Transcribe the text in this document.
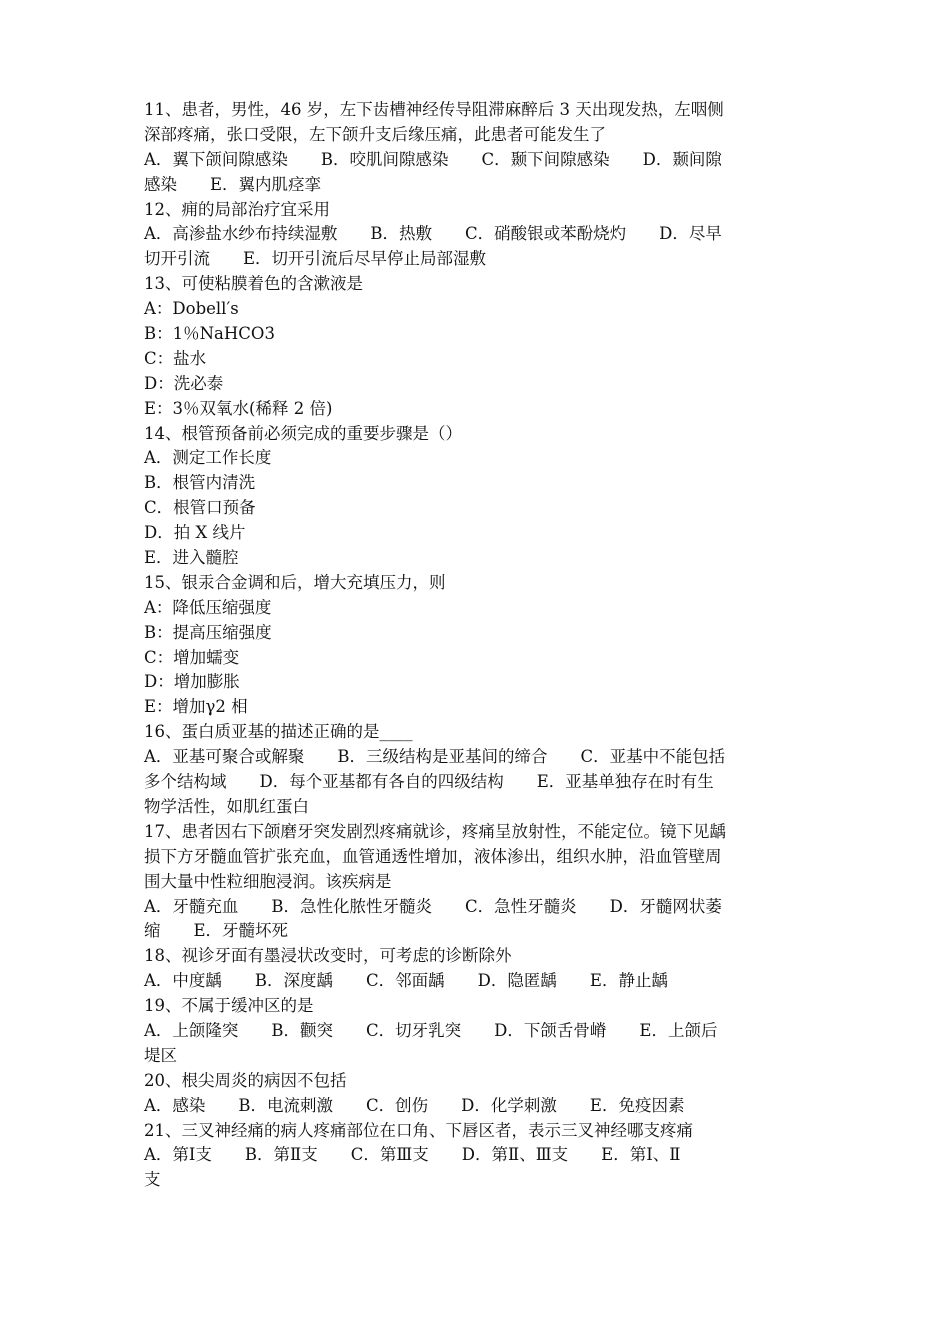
11、患者，男性，46 岁，左下齿槽神经传导阻滞麻醉后 3 天出现发热，左咽侧
深部疼痛，张口受限，左下颌升支后缘压痛，此患者可能发生了
A．翼下颌间隙感染　　B．咬肌间隙感染　　C．颞下间隙感染　　D．颞间隙
感染　　E．翼内肌痉挛
12、痈的局部治疗宜采用
A．高渗盐水纱布持续湿敷　　B．热敷　　C．硝酸银或苯酚烧灼　　D．尽早
切开引流　　E．切开引流后尽早停止局部湿敷
13、可使粘膜着色的含漱液是
A：Dobell′s
B：1％NaHCO3
C：盐水
D：洗必泰
E：3％双氧水(稀释 2 倍)
14、根管预备前必须完成的重要步骤是（）
A．测定工作长度
B．根管内清洗
C．根管口预备
D．拍 X 线片
E．进入髓腔
15、银汞合金调和后，增大充填压力，则
A：降低压缩强度
B：提高压缩强度
C：增加蠕变
D：增加膨胀
E：增加γ2 相
16、蛋白质亚基的描述正确的是____
A．亚基可聚合或解聚　　B．三级结构是亚基间的缔合　　C．亚基中不能包括
多个结构域　　D．每个亚基都有各自的四级结构　　E．亚基单独存在时有生
物学活性，如肌红蛋白
17、患者因右下颌磨牙突发剧烈疼痛就诊，疼痛呈放射性，不能定位。镜下见龋
损下方牙髓血管扩张充血，血管通透性增加，液体渗出，组织水肿，沿血管壁周
围大量中性粒细胞浸润。该疾病是
A．牙髓充血　　B．急性化脓性牙髓炎　　C．急性牙髓炎　　D．牙髓网状萎
缩　　E．牙髓坏死
18、视诊牙面有墨浸状改变时，可考虑的诊断除外
A．中度龋　　B．深度龋　　C．邻面龋　　D．隐匿龋　　E．静止龋
19、不属于缓冲区的是
A．上颌隆突　　B．颧突　　C．切牙乳突　　D．下颌舌骨嵴　　E．上颌后
堤区
20、根尖周炎的病因不包括
A．感染　　B．电流刺激　　C．创伤　　D．化学刺激　　E．免疫因素
21、三叉神经痛的病人疼痛部位在口角、下唇区者，表示三叉神经哪支疼痛
A．第Ⅰ支　　B．第Ⅱ支　　C．第Ⅲ支　　D．第Ⅱ、Ⅲ支　　E．第Ⅰ、Ⅱ
支
